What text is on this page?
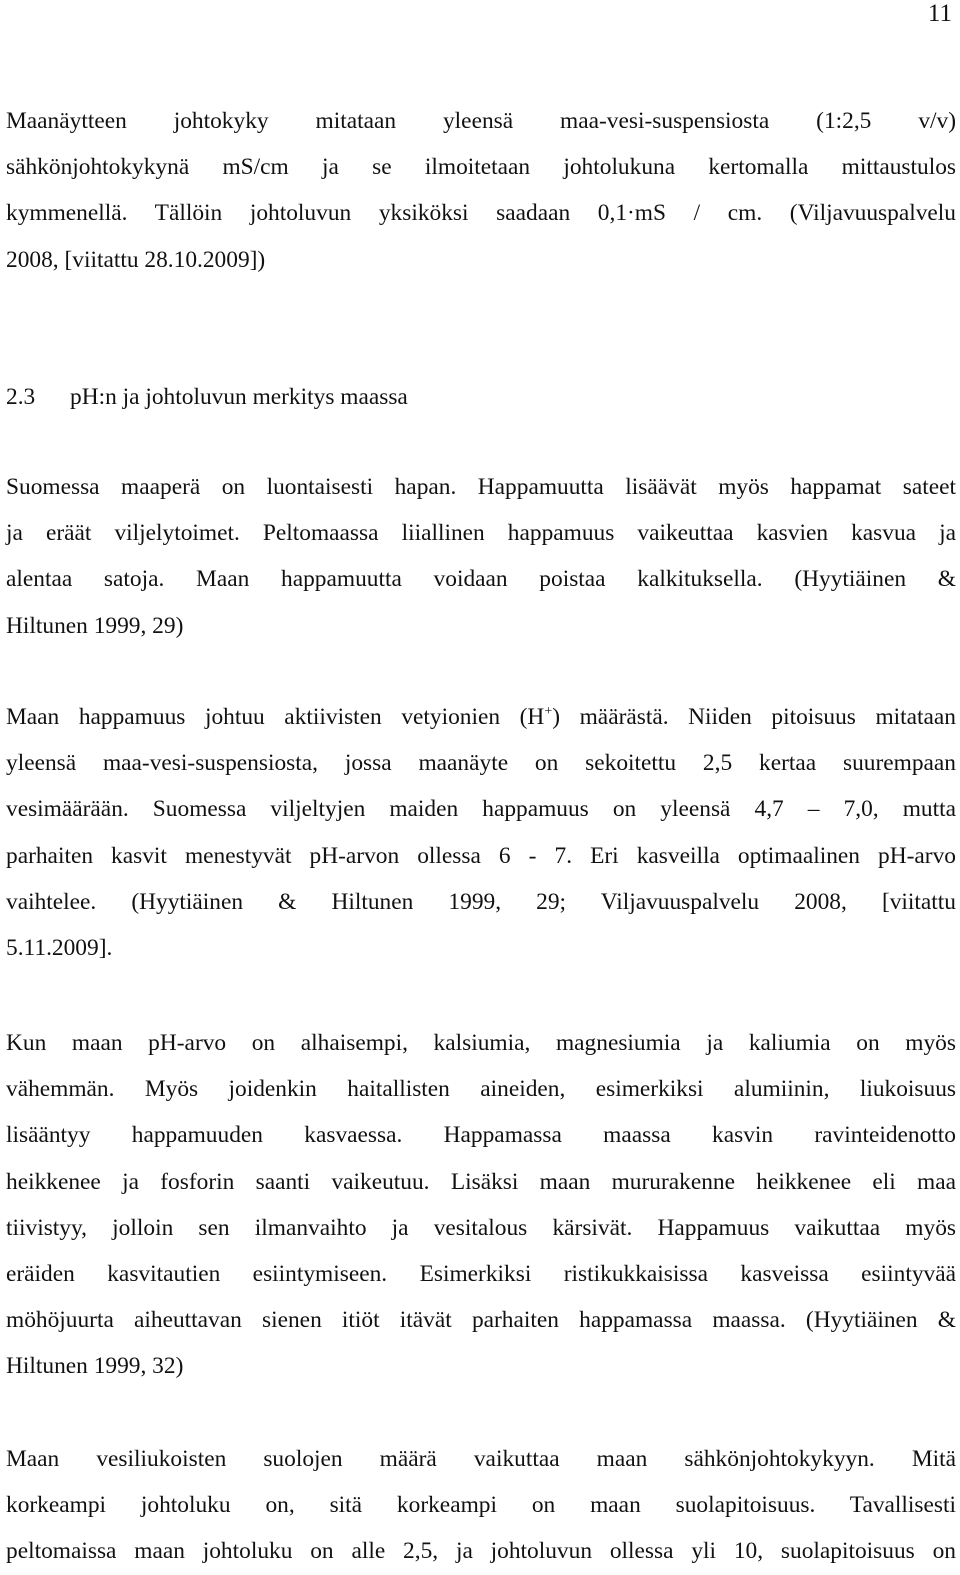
11
Maanäytteen johtokyky mitataan yleensä maa-vesi-suspensiosta (1:2,5 v/v)
sähkönjohtokykynä mS/cm ja se ilmoitetaan johtolukuna kertomalla mittaustulos
kymmenellä. Tällöin johtoluvun yksiköksi saadaan 0,1·mS / cm. (Viljavuuspalvelu
2008, [viitattu 28.10.2009])
2.3 pH:n ja johtoluvun merkitys maassa
Suomessa maaperä on luontaisesti hapan. Happamuutta lisäävät myös happamat sateet
ja eräät viljelytoimet. Peltomaassa liiallinen happamuus vaikeuttaa kasvien kasvua ja
alentaa satoja. Maan happamuutta voidaan poistaa kalkituksella. (Hyytiäinen &
Hiltunen 1999, 29)
Maan happamuus johtuu aktiivisten vetyionien (H+) määrästä. Niiden pitoisuus mitataan
yleensä maa-vesi-suspensiosta, jossa maanäyte on sekoitettu 2,5 kertaa suurempaan
vesimäärään. Suomessa viljeltyjen maiden happamuus on yleensä 4,7 – 7,0, mutta
parhaiten kasvit menestyvät pH-arvon ollessa 6 - 7. Eri kasveilla optimaalinen pH-arvo
vaihtelee. (Hyytiäinen & Hiltunen 1999, 29; Viljavuuspalvelu 2008, [viitattu
5.11.2009].
Kun maan pH-arvo on alhaisempi, kalsiumia, magnesiumia ja kaliumia on myös
vähemmän. Myös joidenkin haitallisten aineiden, esimerkiksi alumiinin, liukoisuus
lisääntyy happamuuden kasvaessa. Happamassa maassa kasvin ravinteidenotto
heikkenee ja fosforin saanti vaikeutuu. Lisäksi maan mururakenne heikkenee eli maa
tiivistyy, jolloin sen ilmanvaihto ja vesitalous kärsivät. Happamuus vaikuttaa myös
eräiden kasvitautien esiintymiseen. Esimerkiksi ristikukkaisissa kasveissa esiintyvää
möhöjuurta aiheuttavan sienen itiöt itävät parhaiten happamassa maassa. (Hyytiäinen &
Hiltunen 1999, 32)
Maan vesiliukoisten suolojen määrä vaikuttaa maan sähkönjohtokykyyn. Mitä
korkeampi johtoluku on, sitä korkeampi on maan suolapitoisuus. Tavallisesti
peltomaissa maan johtoluku on alle 2,5, ja johtoluvun ollessa yli 10, suolapitoisuus on
